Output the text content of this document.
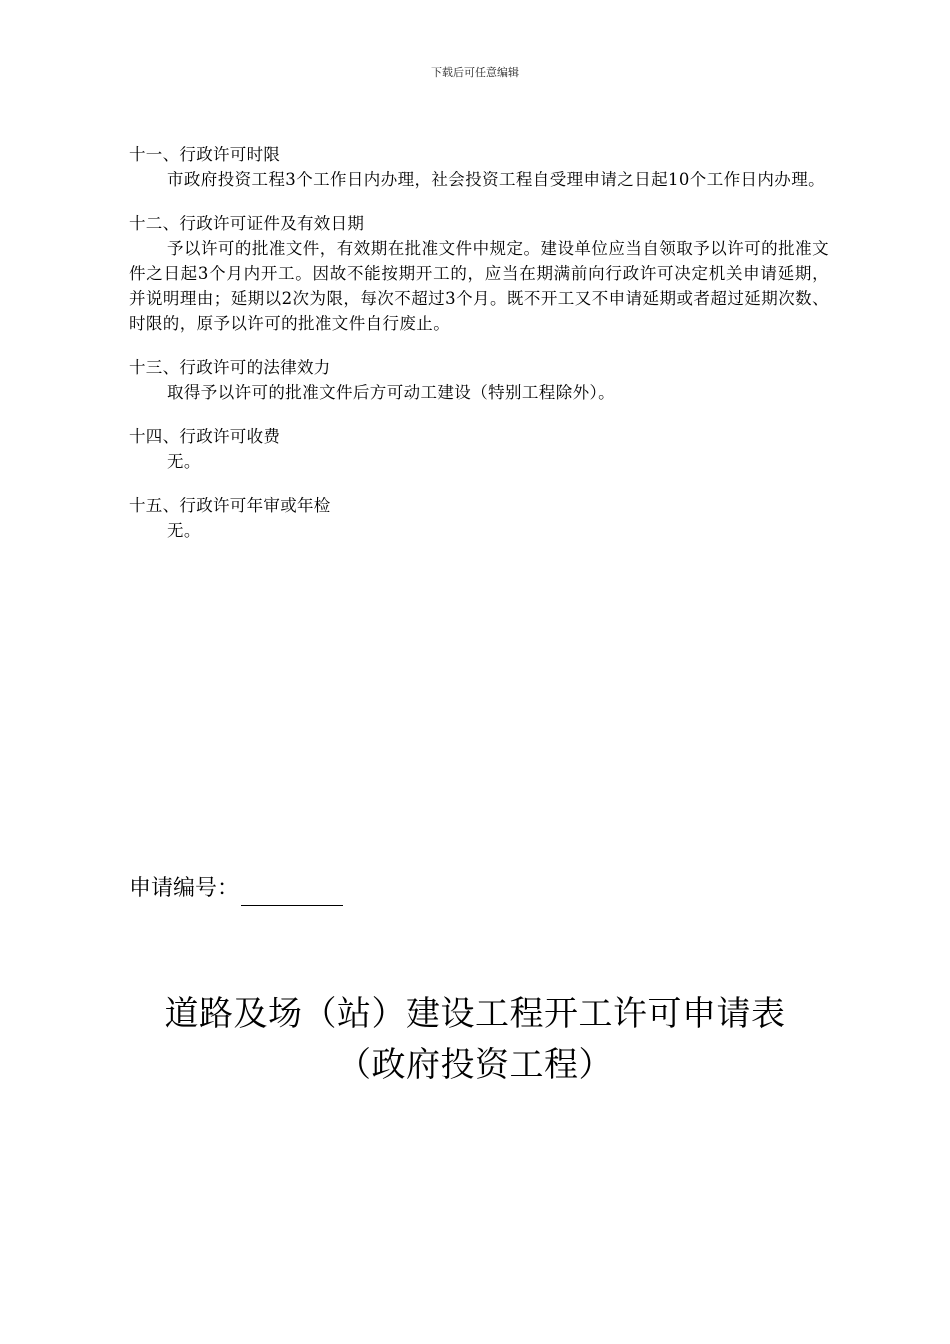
下载后可任意编辑
十一、行政许可时限

市政府投资工程3个工作日内办理，社会投资工程自受理申请之日起10个工作日内办理。

十二、行政许可证件及有效日期

予以许可的批准文件，有效期在批准文件中规定。建设单位应当自领取予以许可的批准文件之日起3个月内开工。因故不能按期开工的，应当在期满前向行政许可决定机关申请延期，并说明理由；延期以2次为限，每次不超过3个月。既不开工又不申请延期或者超过延期次数、时限的，原予以许可的批准文件自行废止。

十三、行政许可的法律效力

取得予以许可的批准文件后方可动工建设（特别工程除外）。

十四、行政许可收费

无。

十五、行政许可年审或年检

无。

申请编号：
道路及场（站）建设工程开工许可申请表
（政府投资工程）
